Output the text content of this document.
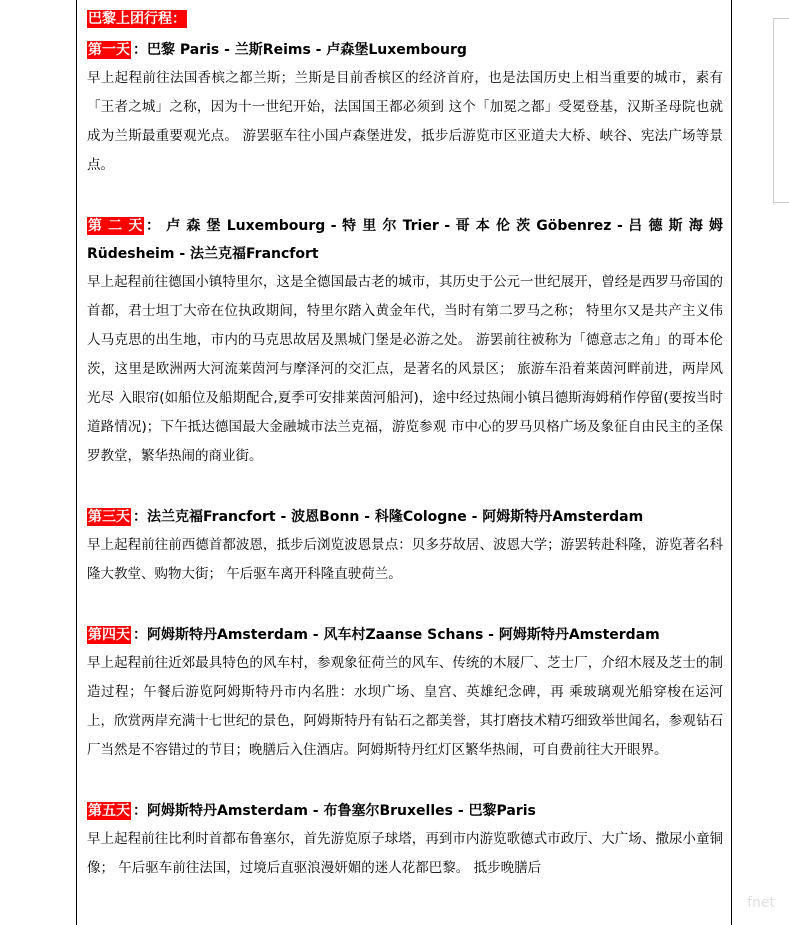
巴黎上团行程：
第一天 ：巴黎 Paris - 兰斯Reims - 卢森堡Luxembourg
早上起程前往法国香槟之都兰斯；兰斯是目前香槟区的经济首府，也是法国历史上相当重要的城市，素有「王者之城」之称，因为十一世纪开始，法国国王都必须到 这个「加冕之都」受冕登基，汉斯圣母院也就成为兰斯最重要观光点。 游罢驱车往小国卢森堡进发，抵步后游览市区亚道夫大桥、峡谷、宪法广场等景点。
第 二 天 ： 卢 森 堡 Luxembourg - 特 里 尔 Trier - 哥 本 伦 茨 Göbenrez - 吕 德 斯 海 姆 Rüdesheim - 法兰克福Francfort
早上起程前往德国小镇特里尔，这是全德国最古老的城市，其历史于公元一世纪展开，曾经是西罗马帝国的首都，君士坦丁大帝在位执政期间，特里尔踏入黄金年代，当时有第二罗马之称； 特里尔又是共产主义伟人马克思的出生地，市内的马克思故居及黑城门堡是必游之处。 游罢前往被称为「德意志之角」的哥本伦茨，这里是欧洲两大河流莱茵河与摩泽河的交汇点，是著名的风景区； 旅游车沿着莱茵河畔前进，两岸风光尽 入眼帘(如船位及船期配合,夏季可安排莱茵河船河)，途中经过热闹小镇吕德斯海姆稍作停留(要按当时道路情况)；下午抵达德国最大金融城市法兰克福，游览参观 市中心的罗马贝格广场及象征自由民主的圣保罗教堂，繁华热闹的商业街。
第三天 ：法兰克福Francfort - 波恩Bonn - 科隆Cologne - 阿姆斯特丹Amsterdam
早上起程前往前西德首都波恩，抵步后浏览波恩景点：贝多芬故居、波恩大学；游罢转赴科隆，游览著名科隆大教堂、购物大街； 午后驱车离开科隆直驶荷兰。
第四天 ：阿姆斯特丹Amsterdam - 风车村Zaanse Schans - 阿姆斯特丹Amsterdam
早上起程前往近郊最具特色的风车村，参观象征荷兰的风车、传统的木屐厂、芝士厂，介绍木屐及芝士的制造过程；午餐后游览阿姆斯特丹市内名胜：水坝广场、皇宫、英雄纪念碑，再 乘玻璃观光船穿梭在运河上，欣赏两岸充满十七世纪的景色，阿姆斯特丹有钻石之都美誉，其打磨技术精巧细致举世闻名，参观钻石厂当然是不容错过的节目；晚膳后入住酒店。阿姆斯特丹红灯区繁华热闹，可自费前往大开眼界。
第五天 ：阿姆斯特丹Amsterdam - 布鲁塞尔Bruxelles - 巴黎Paris
早上起程前往比利时首都布鲁塞尔，首先游览原子球塔，再到市内游览歌德式市政厅、大广场、撒尿小童铜像； 午后驱车前往法国，过境后直驱浪漫妍媚的迷人花都巴黎。 抵步晚膳后
fnet
